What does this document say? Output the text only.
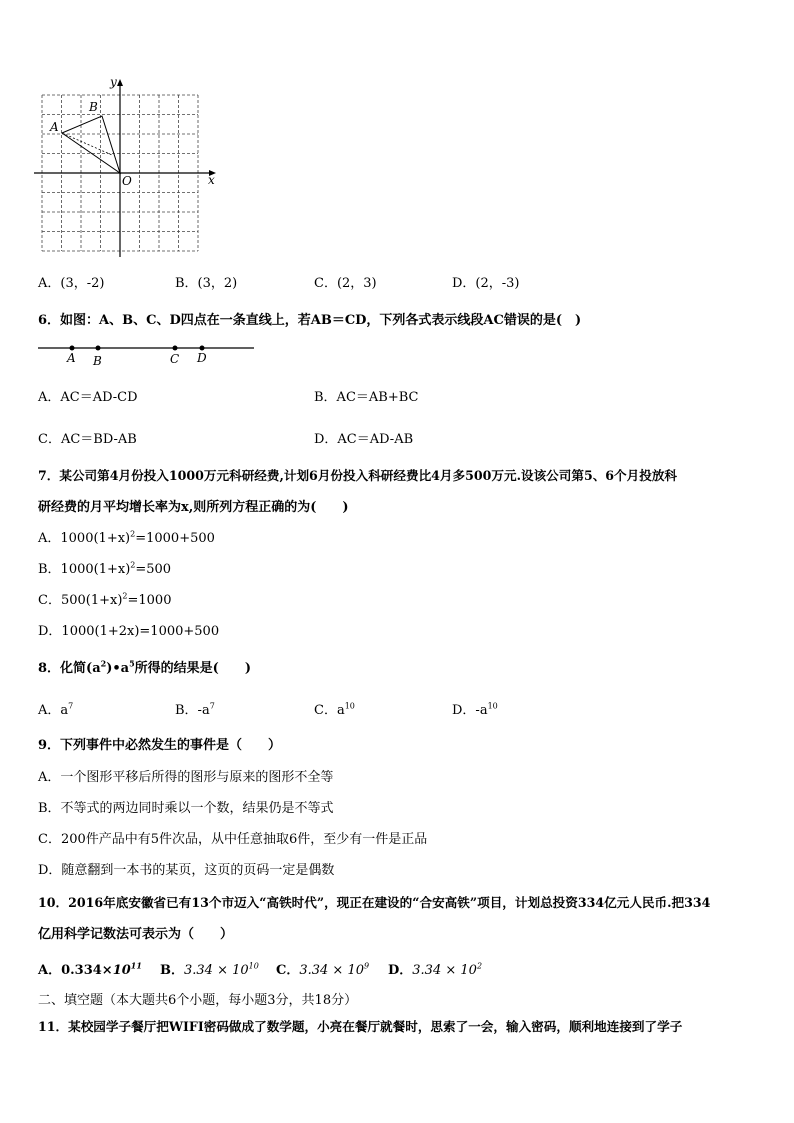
x
y
O
A
B
A．(3，-2)	B．(3，2)	C．(2，3)	D．(2，-3)
6．如图：A、B、C、D四点在一条直线上，若AB＝CD，下列各式表示线段AC错误的是(　)
A B	C D
A．AC＝AD-CD	B．AC＝AB+BC
C．AC＝BD-AB	D．AC＝AD-AB
7．某公司第4月份投入1000万元科研经费,计划6月份投入科研经费比4月多500万元.设该公司第5、6个月投放科
研经费的月平均增长率为x,则所列方程正确的为(　　)
A．$1000(1+x)^2=1000+500$
B．$1000(1+x)^2=500$
C．$500(1+x)^2=1000$
D．1000(1+2x)=1000+500
8．化简$(a^2)•a^5$所得的结果是(　　)
A．$a^7$	B．$-a^7$	C．$a^{10}$	D．$-a^{10}$
9．下列事件中必然发生的事件是（　　）
A．一个图形平移后所得的图形与原来的图形不全等
B．不等式的两边同时乘以一个数，结果仍是不等式
C．200件产品中有5件次品，从中任意抽取6件，至少有一件是正品
D．随意翻到一本书的某页，这页的页码一定是偶数
10．2016年底安徽省已有13个市迈入“高铁时代”，现正在建设的“合安高铁”项目，计划总投资334亿元人民币.把334
亿用科学记数法可表示为（　　）
A．$0.334\times 10^{11}$ B．$3.34 \times 10^{10}$ C．$3.34 \times 10^9$ D．$3.34 \times 10^2$
二、填空题（本大题共6个小题，每小题3分，共18分）
11．某校园学子餐厅把WIFI密码做成了数学题，小亮在餐厅就餐时，思索了一会，输入密码，顺利地连接到了学子
